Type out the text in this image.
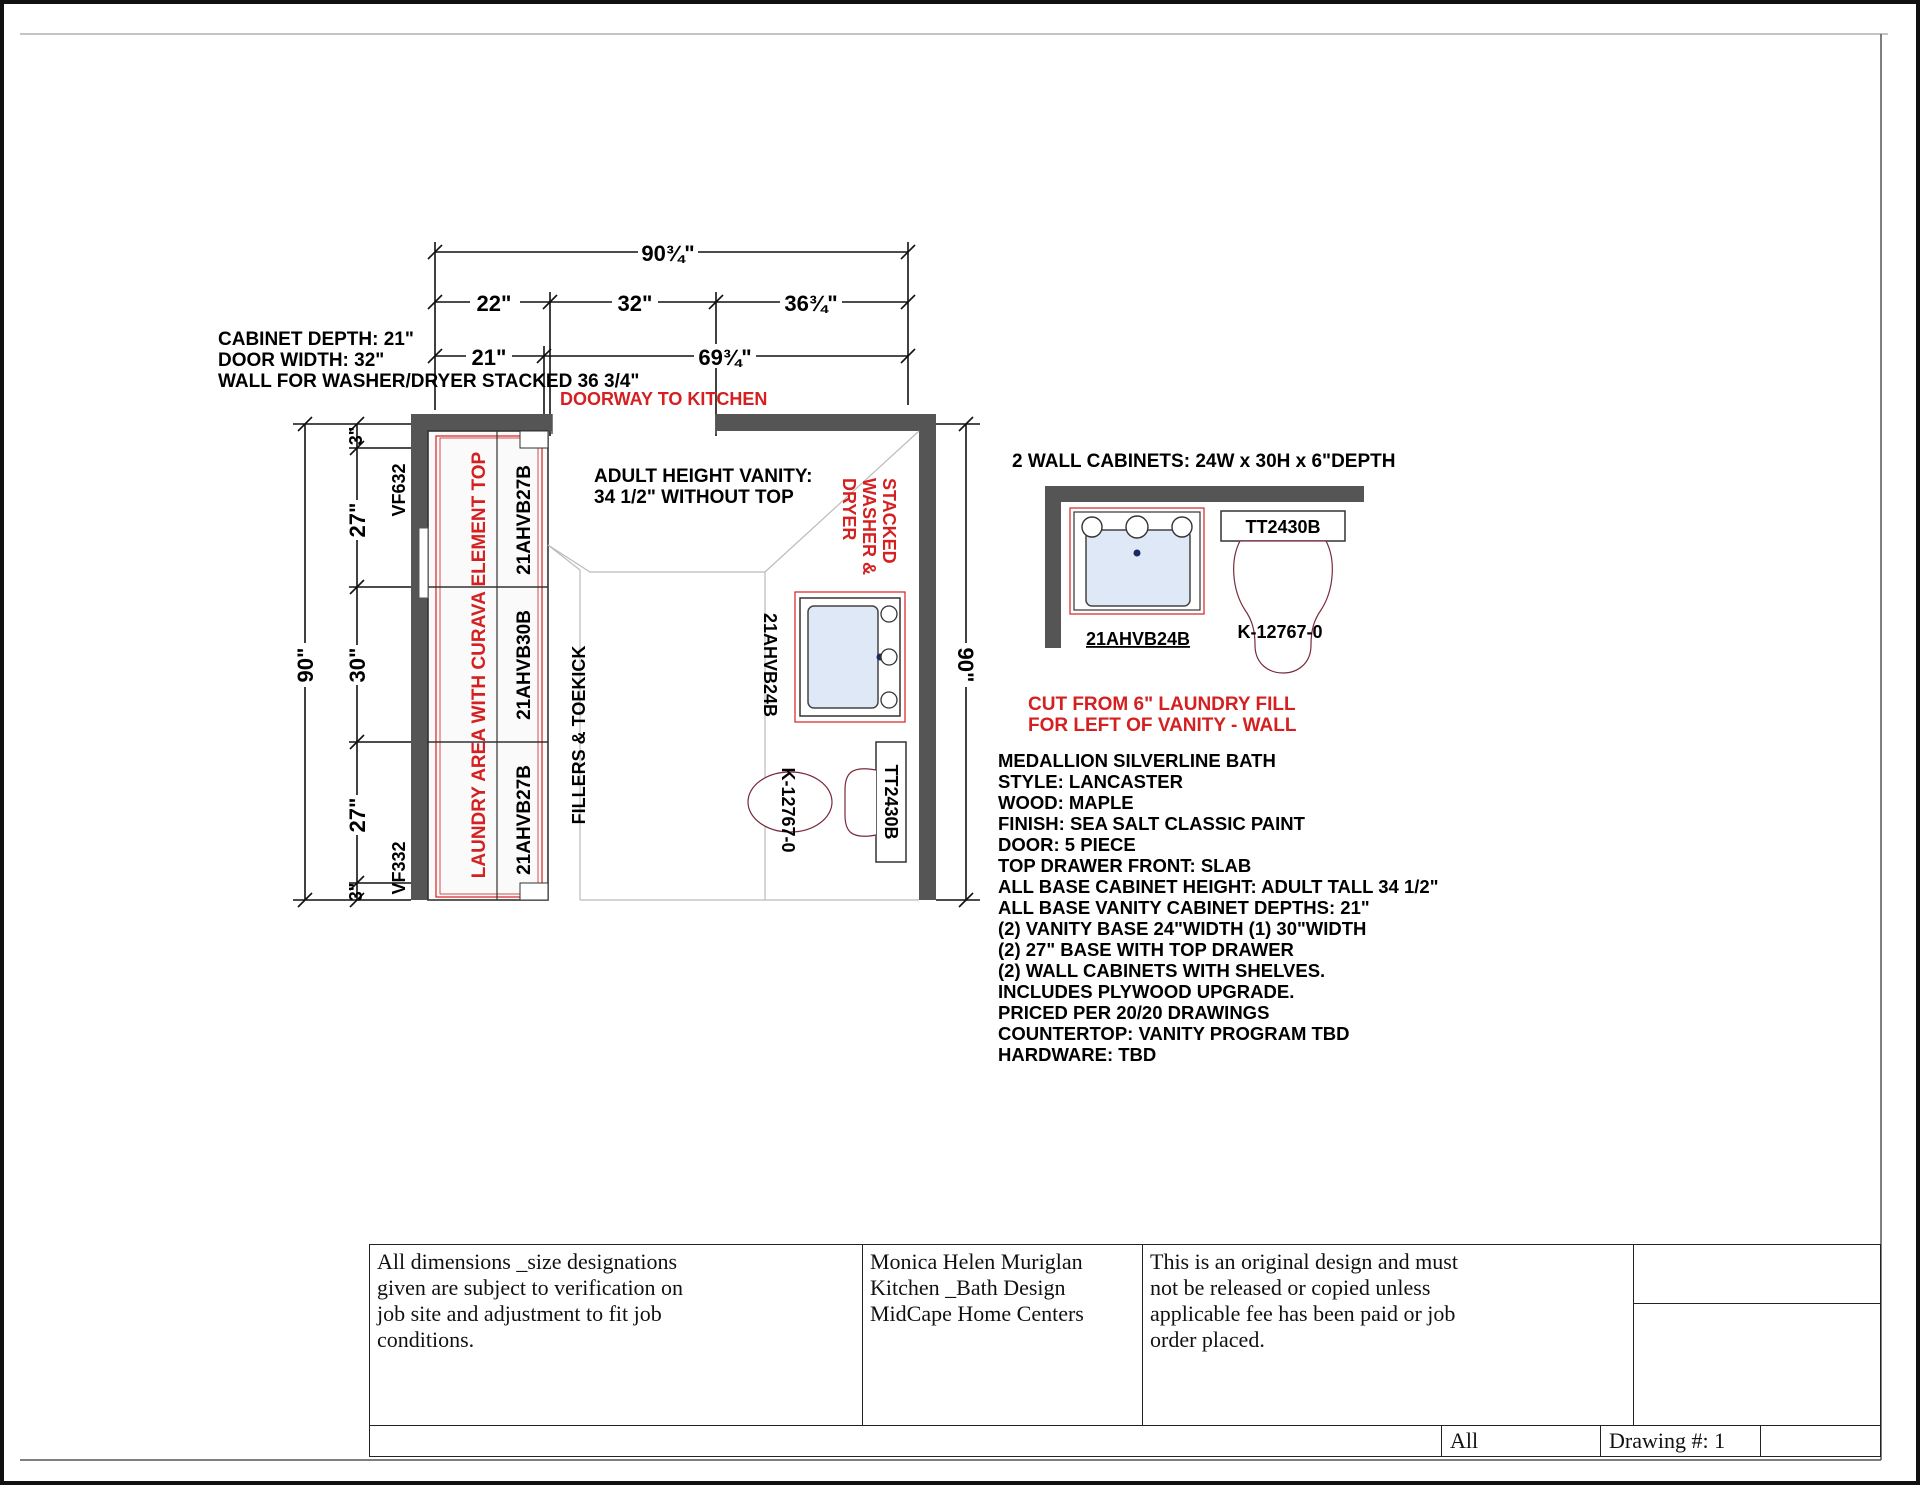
90¾"
22"	32"	36¾"
21"	69¾"
CABINET DEPTH: 21"
DOOR WIDTH: 32"
WALL FOR WASHER/DRYER STACKED 36 3/4"
DOORWAY TO KITCHEN
LAUNDRY AREA WITH CURAVA ELEMENT TOP 21AHVB27B
21AHVB30B
21AHVB27B
VF632
VF332
FILLERS & TOEKICK
90"
3"
27"
30"
27"
3"
90"
ADULT HEIGHT VANITY:
34 1/2" WITHOUT TOP	STACKED
WASHER &
DRYER
21AHVB24B
TT2430B
K-12767-0
2 WALL CABINETS: 24W x 30H x 6"DEPTH
TT2430B
21AHVB24B	K-12767-0
CUT FROM 6" LAUNDRY FILL
FOR LEFT OF VANITY - WALL
MEDALLION SILVERLINE BATH
STYLE: LANCASTER
WOOD: MAPLE
FINISH: SEA SALT CLASSIC PAINT
DOOR: 5 PIECE
TOP DRAWER FRONT: SLAB
ALL BASE CABINET HEIGHT: ADULT TALL 34 1/2"
ALL BASE VANITY CABINET DEPTHS: 21"
(2) VANITY BASE 24"WIDTH (1) 30"WIDTH
(2) 27" BASE WITH TOP DRAWER
(2) WALL CABINETS WITH SHELVES.
INCLUDES PLYWOOD UPGRADE.
PRICED PER 20/20 DRAWINGS
COUNTERTOP: VANITY PROGRAM TBD
HARDWARE: TBD
All dimensions _size designations
given are subject to verification on
job site and adjustment to fit job
conditions.
Monica Helen Muriglan
Kitchen _Bath Design
MidCape Home Centers
This is an original design and must
not be released or copied unless
applicable fee has been paid or job
order placed.
All	Drawing #: 1
